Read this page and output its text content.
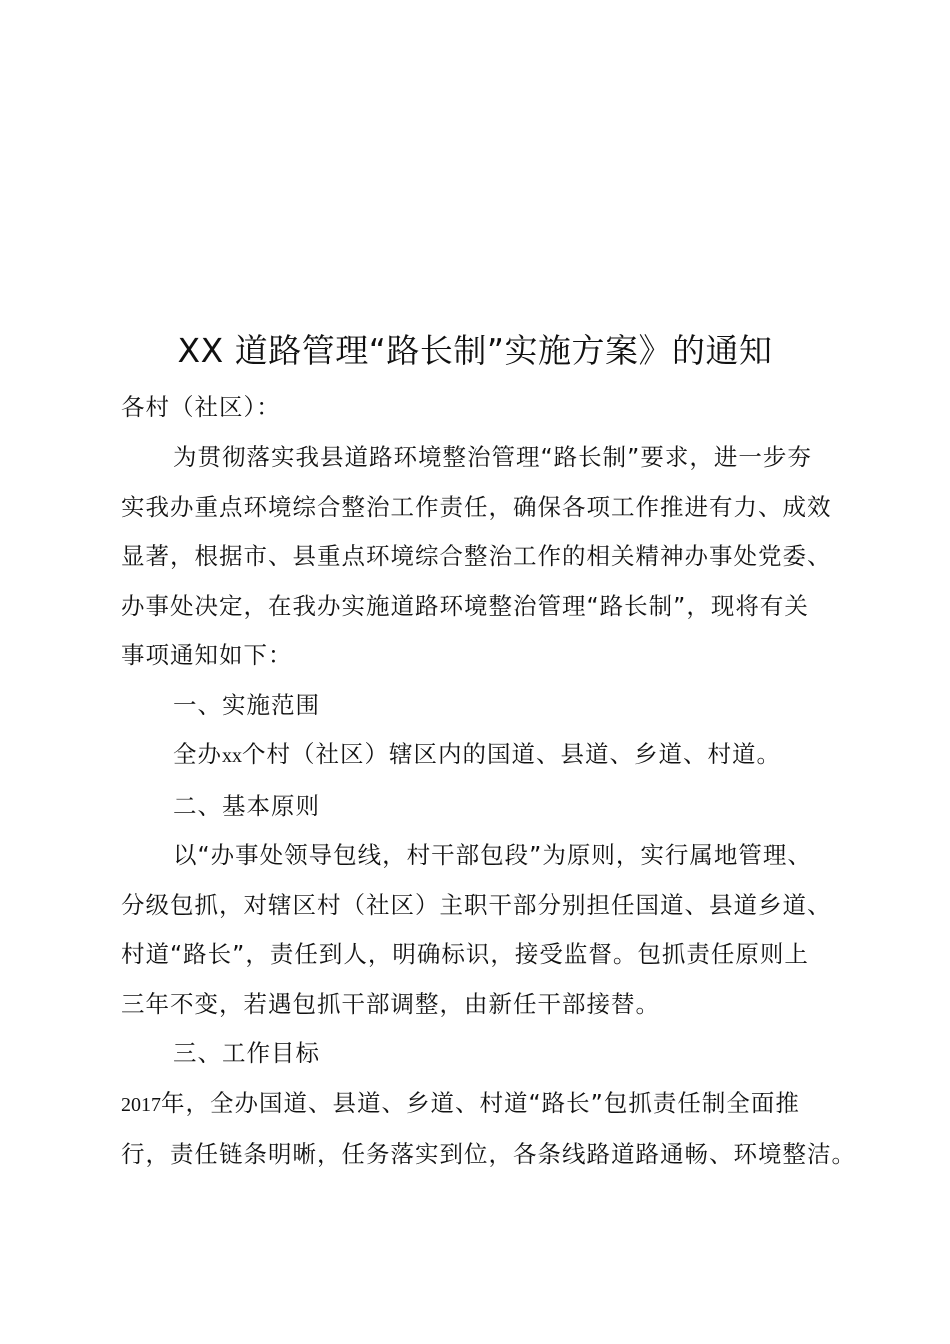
XX 道路管理“路长制”实施方案》的通知
各村（社区）：
为贯彻落实我县道路环境整治管理“路长制”要求，进一步夯
实我办重点环境综合整治工作责任，确保各项工作推进有力、成效
显著，根据市、县重点环境综合整治工作的相关精神办事处党委、
办事处决定，在我办实施道路环境整治管理“路长制”，现将有关
事项通知如下：
一、实施范围
全办xx个村（社区）辖区内的国道、县道、乡道、村道。
二、基本原则
以“办事处领导包线，村干部包段”为原则，实行属地管理、
分级包抓，对辖区村（社区）主职干部分别担任国道、县道乡道、
村道“路长”，责任到人，明确标识，接受监督。包抓责任原则上
三年不变，若遇包抓干部调整，由新任干部接替。
三、工作目标
2017年，全办国道、县道、乡道、村道“路长”包抓责任制全面推
行，责任链条明晰，任务落实到位，各条线路道路通畅、环境整洁。
